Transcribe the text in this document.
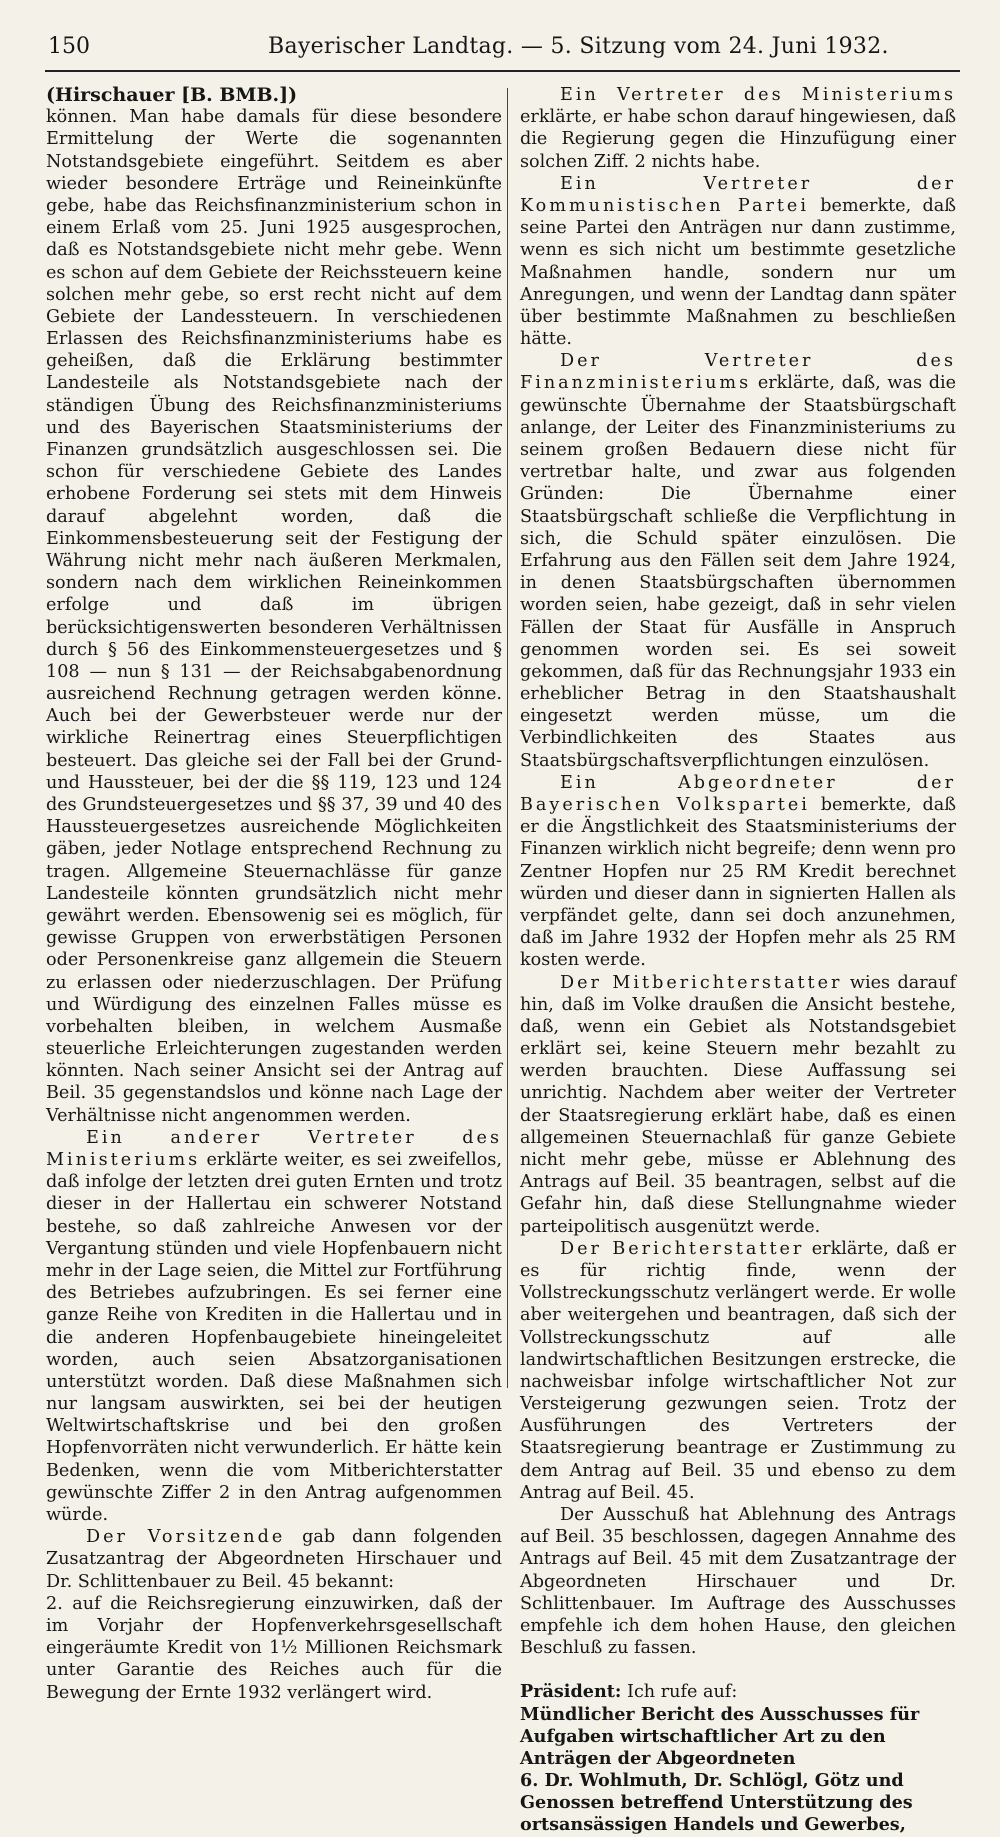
150	Bayerischer Landtag. — 5. Sitzung vom 24. Juni 1932.

(Hirschauer [B. BMB.])

können. Man habe damals für diese besondere Ermittelung der Werte die sogenannten Notstandsgebiete eingeführt. Seitdem es aber wieder besondere Erträge und Reineinkünfte gebe, habe das Reichsfinanzministerium schon in einem Erlaß vom 25. Juni 1925 ausgesprochen, daß es Notstandsgebiete nicht mehr gebe. Wenn es schon auf dem Gebiete der Reichssteuern keine solchen mehr gebe, so erst recht nicht auf dem Gebiete der Landessteuern. In verschiedenen Erlassen des Reichsfinanzministeriums habe es geheißen, daß die Erklärung bestimmter Landesteile als Notstandsgebiete nach der ständigen Übung des Reichsfinanzministeriums und des Bayerischen Staatsministeriums der Finanzen grundsätzlich ausgeschlossen sei. Die schon für verschiedene Gebiete des Landes erhobene Forderung sei stets mit dem Hinweis darauf abgelehnt worden, daß die Einkommensbesteuerung seit der Festigung der Währung nicht mehr nach äußeren Merkmalen, sondern nach dem wirklichen Reineinkommen erfolge und daß im übrigen berücksichtigenswerten besonderen Verhältnissen durch § 56 des Einkommensteuergesetzes und § 108 — nun § 131 — der Reichsabgabenordnung ausreichend Rechnung getragen werden könne. Auch bei der Gewerbsteuer werde nur der wirkliche Reinertrag eines Steuerpflichtigen besteuert. Das gleiche sei der Fall bei der Grund- und Haussteuer, bei der die §§ 119, 123 und 124 des Grundsteuergesetzes und §§ 37, 39 und 40 des Haussteuergesetzes ausreichende Möglichkeiten gäben, jeder Notlage entsprechend Rechnung zu tragen. Allgemeine Steuernachlässe für ganze Landesteile könnten grundsätzlich nicht mehr gewährt werden. Ebensowenig sei es möglich, für gewisse Gruppen von erwerbstätigen Personen oder Personenkreise ganz allgemein die Steuern zu erlassen oder niederzuschlagen. Der Prüfung und Würdigung des einzelnen Falles müsse es vorbehalten bleiben, in welchem Ausmaße steuerliche Erleichterungen zugestanden werden könnten. Nach seiner Ansicht sei der Antrag auf Beil. 35 gegenstandslos und könne nach Lage der Verhältnisse nicht angenommen werden.

Ein anderer Vertreter des Ministeriums erklärte weiter, es sei zweifellos, daß infolge der letzten drei guten Ernten und trotz dieser in der Hallertau ein schwerer Notstand bestehe, so daß zahlreiche Anwesen vor der Vergantung stünden und viele Hopfenbauern nicht mehr in der Lage seien, die Mittel zur Fortführung des Betriebes aufzubringen. Es sei ferner eine ganze Reihe von Krediten in die Hallertau und in die anderen Hopfenbaugebiete hineingeleitet worden, auch seien Absatzorganisationen unterstützt worden. Daß diese Maßnahmen sich nur langsam auswirkten, sei bei der heutigen Weltwirtschaftskrise und bei den großen Hopfenvorräten nicht verwunderlich. Er hätte kein Bedenken, wenn die vom Mitberichterstatter gewünschte Ziffer 2 in den Antrag aufgenommen würde.

Der Vorsitzende gab dann folgenden Zusatzantrag der Abgeordneten Hirschauer und Dr. Schlittenbauer zu Beil. 45 bekannt:

2. auf die Reichsregierung einzuwirken, daß der im Vorjahr der Hopfenverkehrsgesellschaft eingeräumte Kredit von 1½ Millionen Reichsmark unter Garantie des Reiches auch für die Bewegung der Ernte 1932 verlängert wird.

Ein Vertreter des Ministeriums erklärte, er habe schon darauf hingewiesen, daß die Regierung gegen die Hinzufügung einer solchen Ziff. 2 nichts habe.

Ein Vertreter der Kommunistischen Partei bemerkte, daß seine Partei den Anträgen nur dann zustimme, wenn es sich nicht um bestimmte gesetzliche Maßnahmen handle, sondern nur um Anregungen, und wenn der Landtag dann später über bestimmte Maßnahmen zu beschließen hätte.

Der Vertreter des Finanzministeriums erklärte, daß, was die gewünschte Übernahme der Staatsbürgschaft anlange, der Leiter des Finanzministeriums zu seinem großen Bedauern diese nicht für vertretbar halte, und zwar aus folgenden Gründen: Die Übernahme einer Staatsbürgschaft schließe die Verpflichtung in sich, die Schuld später einzulösen. Die Erfahrung aus den Fällen seit dem Jahre 1924, in denen Staatsbürgschaften übernommen worden seien, habe gezeigt, daß in sehr vielen Fällen der Staat für Ausfälle in Anspruch genommen worden sei. Es sei soweit gekommen, daß für das Rechnungsjahr 1933 ein erheblicher Betrag in den Staatshaushalt eingesetzt werden müsse, um die Verbindlichkeiten des Staates aus Staatsbürgschaftsverpflichtungen einzulösen.

Ein Abgeordneter der Bayerischen Volkspartei bemerkte, daß er die Ängstlichkeit des Staatsministeriums der Finanzen wirklich nicht begreife; denn wenn pro Zentner Hopfen nur 25 RM Kredit berechnet würden und dieser dann in signierten Hallen als verpfändet gelte, dann sei doch anzunehmen, daß im Jahre 1932 der Hopfen mehr als 25 RM kosten werde.

Der Mitberichterstatter wies darauf hin, daß im Volke draußen die Ansicht bestehe, daß, wenn ein Gebiet als Notstandsgebiet erklärt sei, keine Steuern mehr bezahlt zu werden brauchten. Diese Auffassung sei unrichtig. Nachdem aber weiter der Vertreter der Staatsregierung erklärt habe, daß es einen allgemeinen Steuernachlaß für ganze Gebiete nicht mehr gebe, müsse er Ablehnung des Antrags auf Beil. 35 beantragen, selbst auf die Gefahr hin, daß diese Stellungnahme wieder parteipolitisch ausgenützt werde.

Der Berichterstatter erklärte, daß er es für richtig finde, wenn der Vollstreckungsschutz verlängert werde. Er wolle aber weitergehen und beantragen, daß sich der Vollstreckungsschutz auf alle landwirtschaftlichen Besitzungen erstrecke, die nachweisbar infolge wirtschaftlicher Not zur Versteigerung gezwungen seien. Trotz der Ausführungen des Vertreters der Staatsregierung beantrage er Zustimmung zu dem Antrag auf Beil. 35 und ebenso zu dem Antrag auf Beil. 45.

Der Ausschuß hat Ablehnung des Antrags auf Beil. 35 beschlossen, dagegen Annahme des Antrags auf Beil. 45 mit dem Zusatzantrage der Abgeordneten Hirschauer und Dr. Schlittenbauer. Im Auftrage des Ausschusses empfehle ich dem hohen Hause, den gleichen Beschluß zu fassen.

Präsident: Ich rufe auf:

Mündlicher Bericht des Ausschusses für Aufgaben wirtschaftlicher Art zu den Anträgen der Abgeordneten

6. Dr. Wohlmuth, Dr. Schlögl, Götz und Genossen betreffend Unterstützung des ortsansässigen Handels und Gewerbes,
